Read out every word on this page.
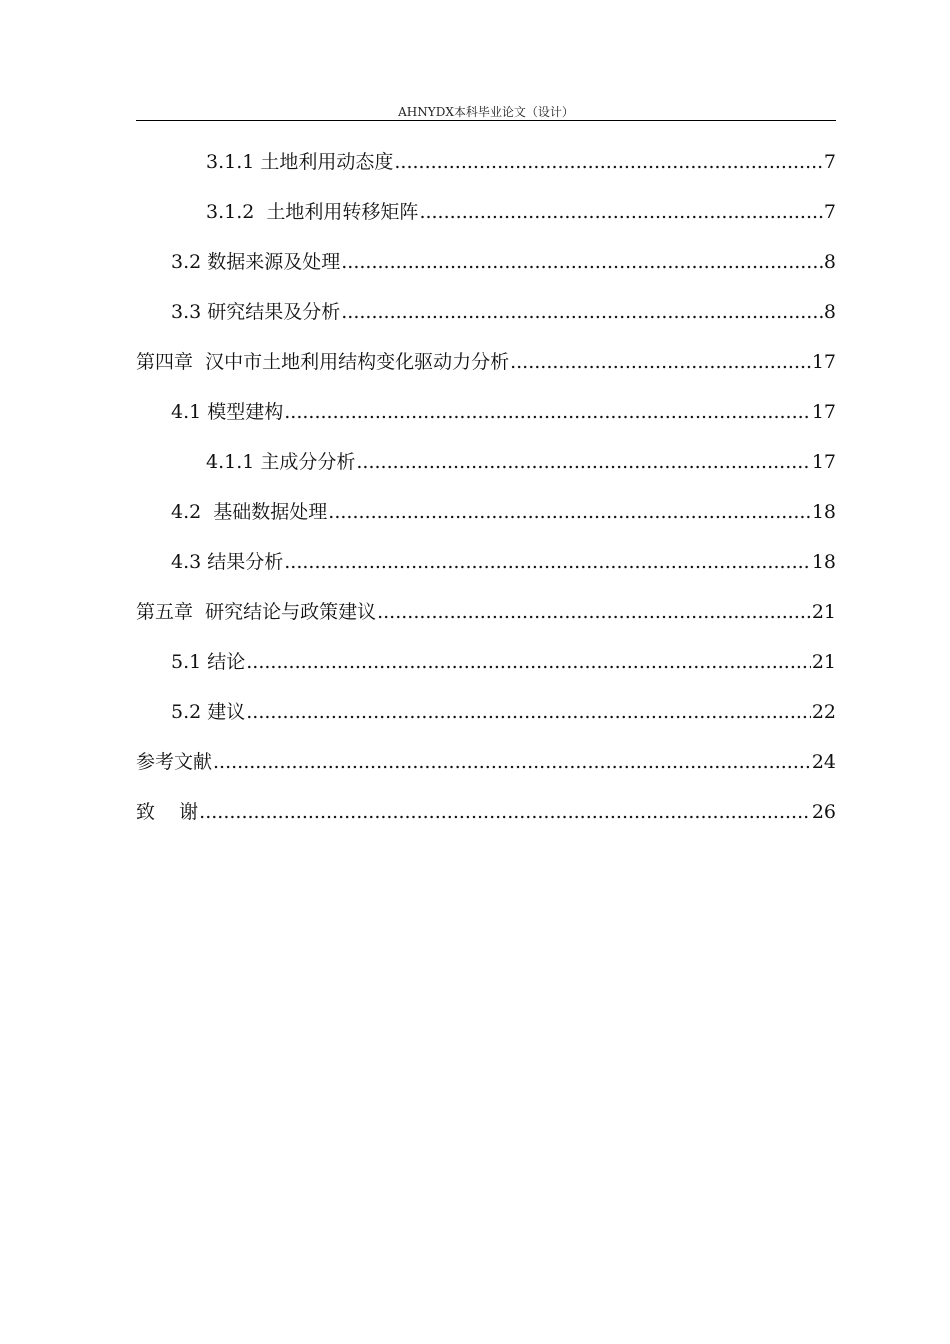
AHNYDX本科毕业论文（设计）
3.1.1 土地利用动态度 .....	7
3.1.2  土地利用转移矩阵 .....	7
3.2 数据来源及处理 .....	8
3.3 研究结果及分析 .....	8
第四章  汉中市土地利用结构变化驱动力分析 .....	17
4.1 模型建构 .....	17
4.1.1 主成分分析 .....	17
4.2  基础数据处理 .....	18
4.3 结果分析 .....	18
第五章  研究结论与政策建议 .....	21
5.1 结论 .....	21
5.2 建议 .....	22
参考文献 .....	24
致    谢 .....	26
